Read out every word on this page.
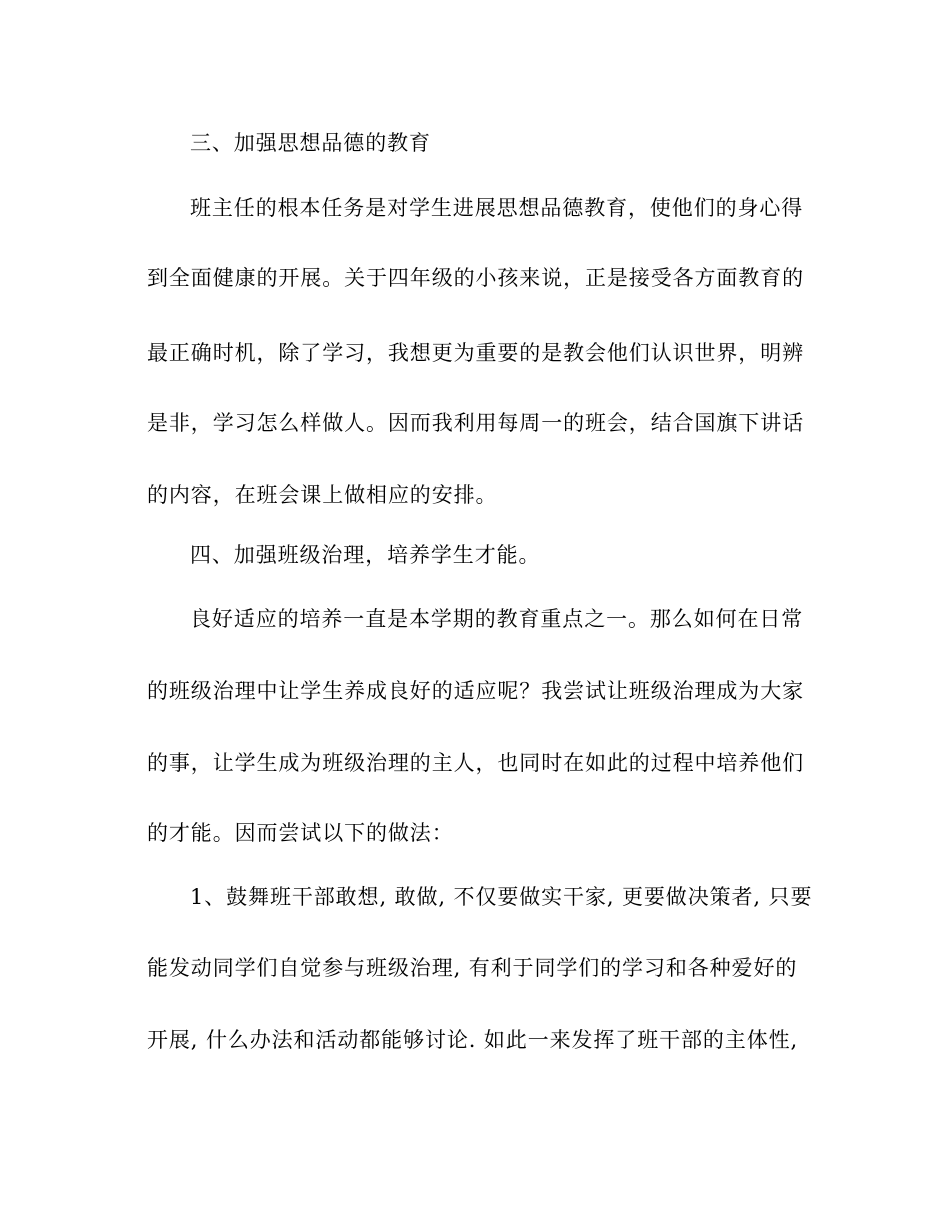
三、加强思想品德的教育
班主任的根本任务是对学生进展思想品德教育，使他们的身心得
到全面健康的开展。关于四年级的小孩来说，正是接受各方面教育的
最正确时机，除了学习，我想更为重要的是教会他们认识世界，明辨
是非，学习怎么样做人。因而我利用每周一的班会，结合国旗下讲话
的内容，在班会课上做相应的安排。
四、加强班级治理，培养学生才能。
良好适应的培养一直是本学期的教育重点之一。那么如何在日常
的班级治理中让学生养成良好的适应呢？我尝试让班级治理成为大家
的事，让学生成为班级治理的主人，也同时在如此的过程中培养他们
的才能。因而尝试以下的做法：
1、鼓舞班干部敢想, 敢做, 不仅要做实干家, 更要做决策者, 只要
能发动同学们自觉参与班级治理, 有利于同学们的学习和各种爱好的
开展, 什么办法和活动都能够讨论. 如此一来发挥了班干部的主体性,
